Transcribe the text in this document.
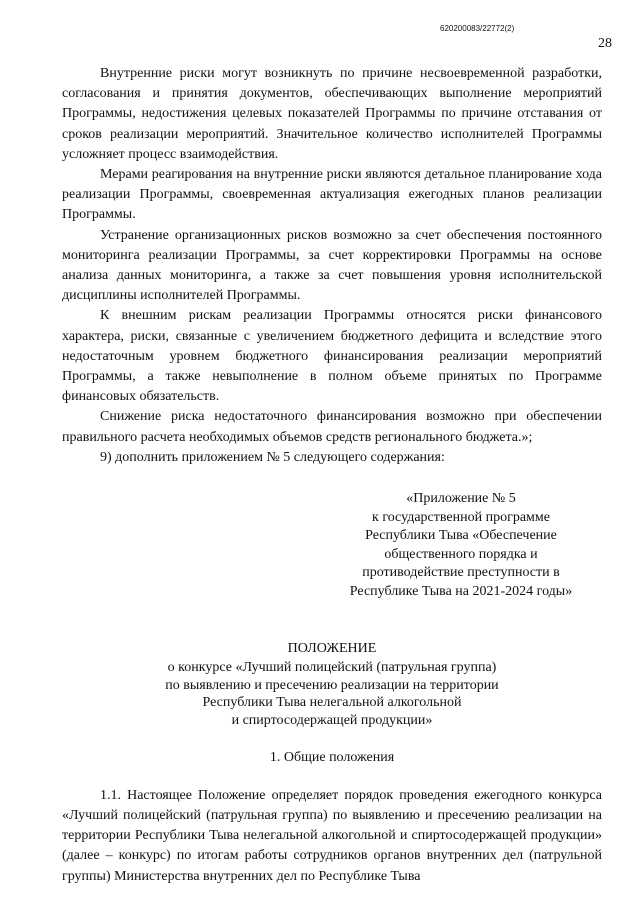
620200083/22772(2)
28

Внутренние риски могут возникнуть по причине несвоевременной разработки, согласования и принятия документов, обеспечивающих выполнение мероприятий Программы, недостижения целевых показателей Программы по причине отставания от сроков реализации мероприятий. Значительное количество исполнителей Программы усложняет процесс взаимодействия.

Мерами реагирования на внутренние риски являются детальное планирование хода реализации Программы, своевременная актуализация ежегодных планов реализации Программы.

Устранение организационных рисков возможно за счет обеспечения постоянного мониторинга реализации Программы, за счет корректировки Программы на основе анализа данных мониторинга, а также за счет повышения уровня исполнительской дисциплины исполнителей Программы.

К внешним рискам реализации Программы относятся риски финансового характера, риски, связанные с увеличением бюджетного дефицита и вследствие этого недостаточным уровнем бюджетного финансирования реализации мероприятий Программы, а также невыполнение в полном объеме принятых по Программе финансовых обязательств.

Снижение риска недостаточного финансирования возможно при обеспечении правильного расчета необходимых объемов средств регионального бюджета.»;

9) дополнить приложением № 5 следующего содержания:

«Приложение № 5
к государственной программе
Республики Тыва «Обеспечение
общественного порядка и
противодействие преступности в
Республике Тыва на 2021-2024 годы»
ПОЛОЖЕНИЕ
о конкурсе «Лучший полицейский (патрульная группа)
по выявлению и пресечению реализации на территории
Республики Тыва нелегальной алкогольной
и спиртосодержащей продукции»
1. Общие положения

1.1. Настоящее Положение определяет порядок проведения ежегодного конкурса «Лучший полицейский (патрульная группа) по выявлению и пресечению реализации на территории Республики Тыва нелегальной алкогольной и спиртосодержащей продукции» (далее – конкурс) по итогам работы сотрудников органов внутренних дел (патрульной группы) Министерства внутренних дел по Республике Тыва
